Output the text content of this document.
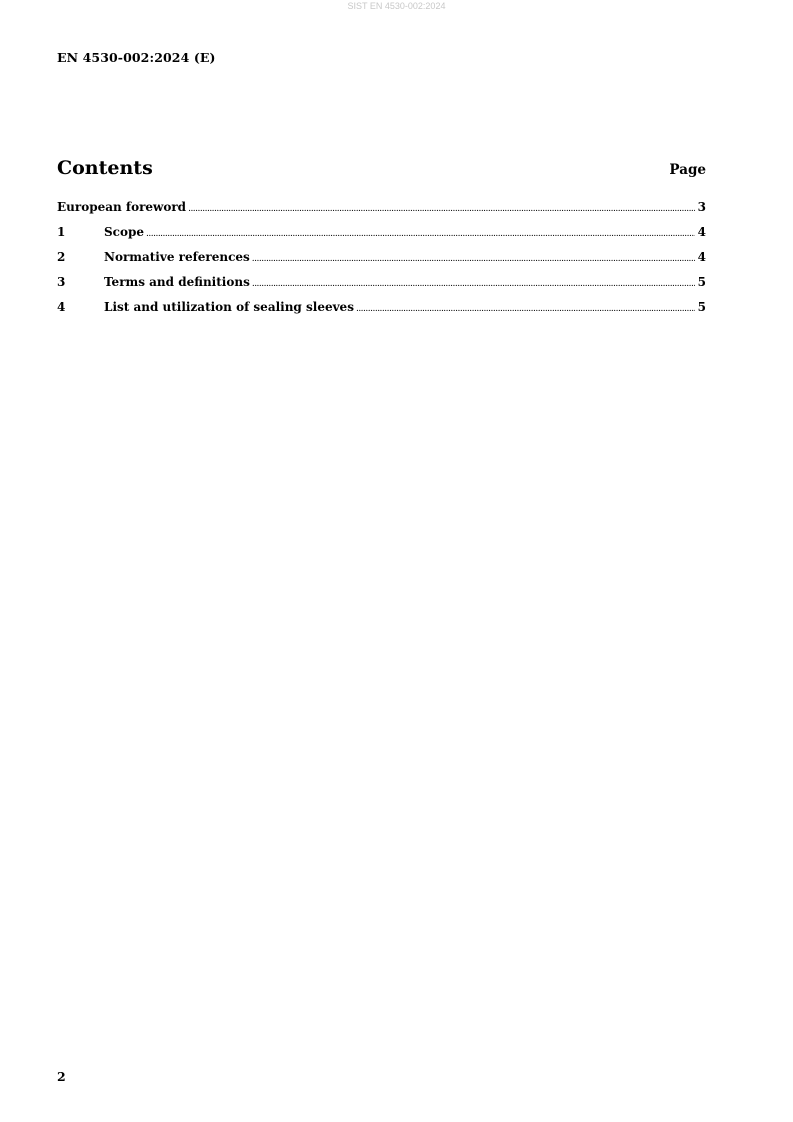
SIST EN 4530-002:2024
EN 4530-002:2024 (E)
Contents	Page
European foreword .....	3
1	Scope .....	4
2	Normative references .....	4
3	Terms and definitions .....	5
4	List and utilization of sealing sleeves .....	5
2
